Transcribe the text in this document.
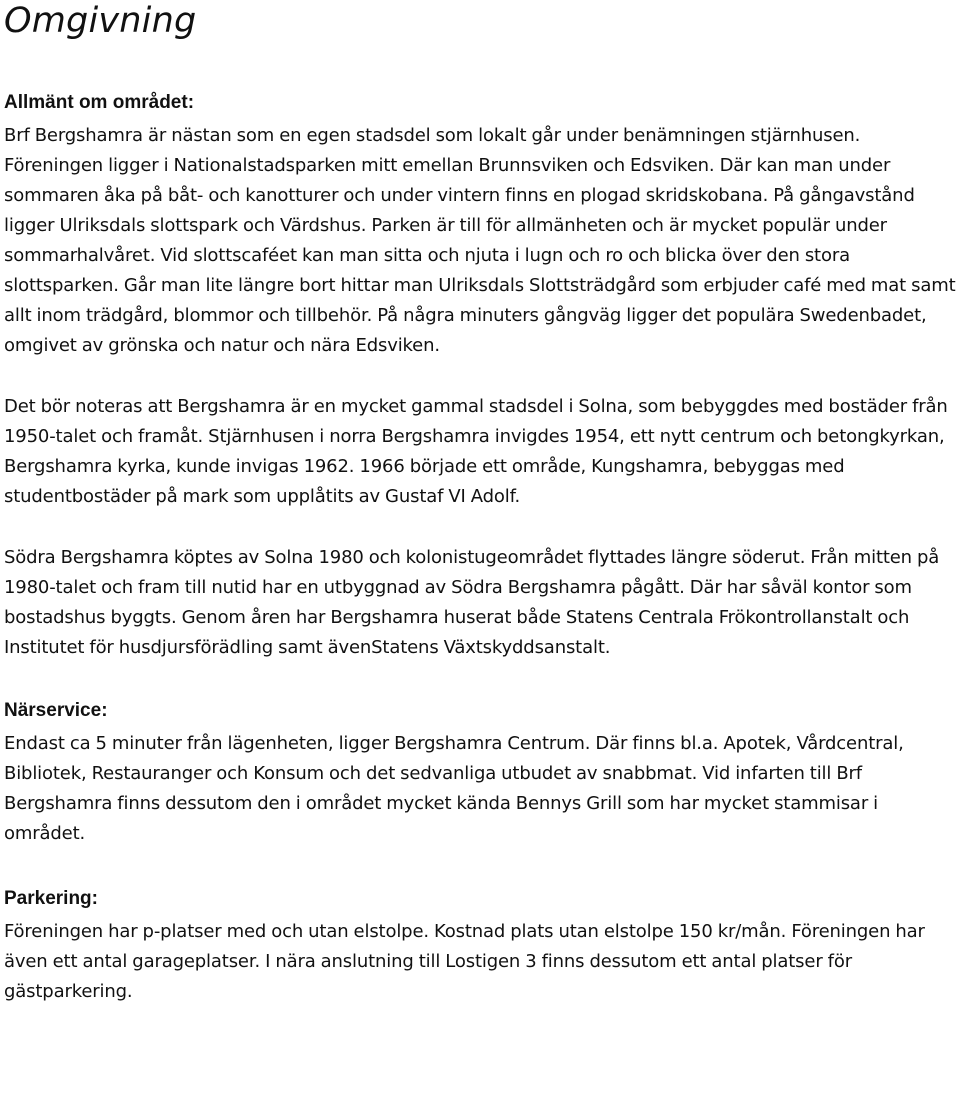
Omgivning
Allmänt om området:

Brf Bergshamra är nästan som en egen stadsdel som lokalt går under benämningen stjärnhusen. Föreningen ligger i Nationalstadsparken mitt emellan Brunnsviken och Edsviken. Där kan man under sommaren åka på båt- och kanotturer och under vintern finns en plogad skridskobana. På gångavstånd ligger Ulriksdals slottspark och Värdshus. Parken är till för allmänheten och är mycket populär under sommarhalvåret. Vid slottscaféet kan man sitta och njuta i lugn och ro och blicka över den stora slottsparken. Går man lite längre bort hittar man Ulriksdals Slottsträdgård som erbjuder café med mat samt allt inom trädgård, blommor och tillbehör. På några minuters gångväg ligger det populära Swedenbadet, omgivet av grönska och natur och nära Edsviken.

Det bör noteras att Bergshamra är en mycket gammal stadsdel i Solna, som bebyggdes med bostäder från 1950-talet och framåt. Stjärnhusen i norra Bergshamra invigdes 1954, ett nytt centrum och betongkyrkan, Bergshamra kyrka, kunde invigas 1962. 1966 började ett område, Kungshamra, bebyggas med studentbostäder på mark som upplåtits av Gustaf VI Adolf.

Södra Bergshamra köptes av Solna 1980 och kolonistugeområdet flyttades längre söderut. Från mitten på 1980-talet och fram till nutid har en utbyggnad av Södra Bergshamra pågått. Där har såväl kontor som bostadshus byggts. Genom åren har Bergshamra huserat både Statens Centrala Frökontrollanstalt och Institutet för husdjursförädling samt ävenStatens Växtskyddsanstalt.

Närservice:

Endast ca 5 minuter från lägenheten, ligger Bergshamra Centrum. Där finns bl.a. Apotek, Vårdcentral, Bibliotek, Restauranger och Konsum och det sedvanliga utbudet av snabbmat. Vid infarten till Brf Bergshamra finns dessutom den i området mycket kända Bennys Grill som har mycket stammisar i området.

Parkering:

Föreningen har p-platser med och utan elstolpe. Kostnad plats utan elstolpe 150 kr/mån. Föreningen har även ett antal garageplatser. I nära anslutning till Lostigen 3 finns dessutom ett antal platser för gästparkering.
